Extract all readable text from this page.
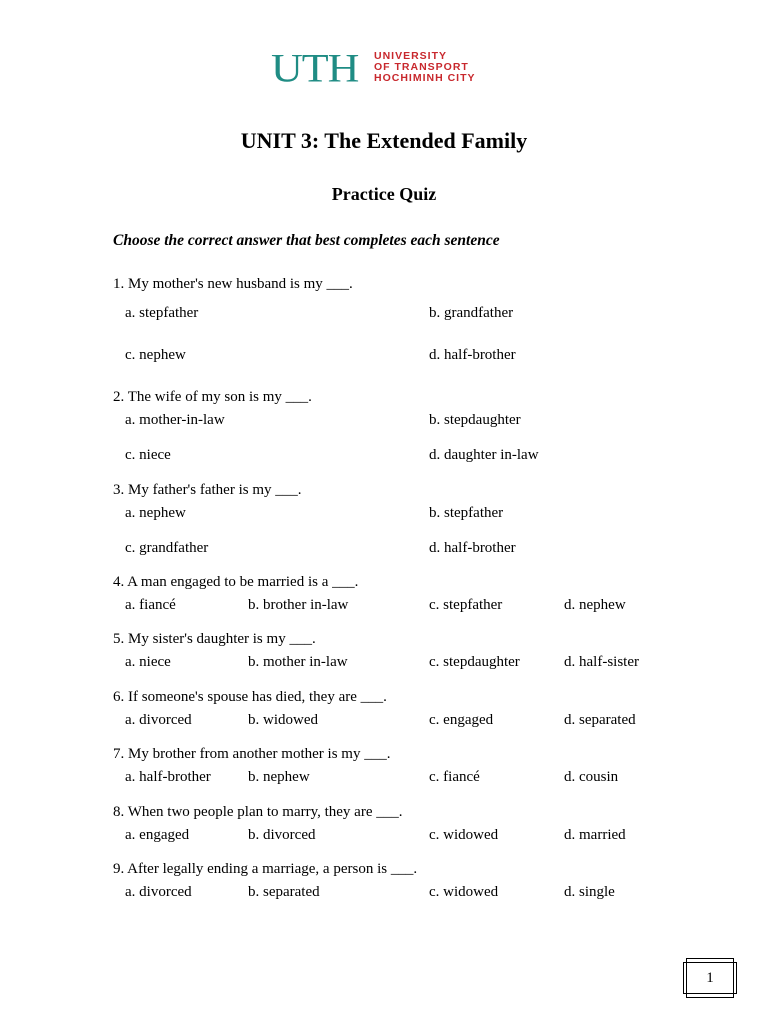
UTH UNIVERSITY
OF TRANSPORT
HOCHIMINH CITY
UNIT 3: The Extended Family
Practice Quiz
Choose the correct answer that best completes each sentence
1. My mother's new husband is my ___.
a. stepfather	b. grandfather
c. nephew	d. half-brother
2. The wife of my son is my ___.
a. mother-in-law	b. stepdaughter
c. niece	d. daughter in-law
3. My father's father is my ___.
a. nephew	b. stepfather
c. grandfather	d. half-brother
4. A man engaged to be married is a ___.
a. fiancé	b. brother in-law	c. stepfather	d. nephew
5. My sister's daughter is my ___.
a. niece	b. mother in-law	c. stepdaughter	d. half-sister
6. If someone's spouse has died, they are ___.
a. divorced	b. widowed	c. engaged	d. separated
7. My brother from another mother is my ___.
a. half-brother b. nephew	c. fiancé	d. cousin
8. When two people plan to marry, they are ___.
a. engaged	b. divorced	c. widowed	d. married
9. After legally ending a marriage, a person is ___.
a. divorced	b. separated	c. widowed	d. single
1
